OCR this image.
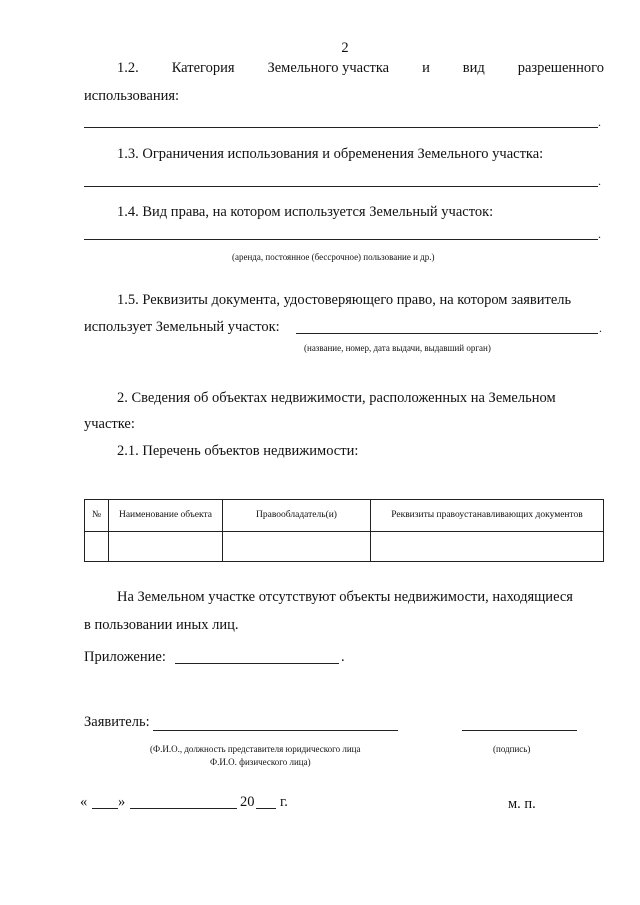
2
1.2. Категория Земельного участка и вид разрешенного
использования:
.
1.3. Ограничения использования и обременения Земельного участка:
.
1.4. Вид права, на котором используется Земельный участок:
.
(аренда, постоянное (бессрочное) пользование и др.)
1.5. Реквизиты документа, удостоверяющего право, на котором заявитель
использует Земельный участок:	.
(название, номер, дата выдачи, выдавший орган)
2. Сведения об объектах недвижимости, расположенных на Земельном
участке:
2.1. Перечень объектов недвижимости:
№	Наименование объекта	Правообладатель(и)	Реквизиты правоустанавливающих документов

На Земельном участке отсутствуют объекты недвижимости, находящиеся
в пользовании иных лиц.
Приложение:	.
Заявитель:
(Ф.И.О., должность представителя юридического лица
Ф.И.О. физического лица)
(подпись)
« »	20 г.	м. п.
